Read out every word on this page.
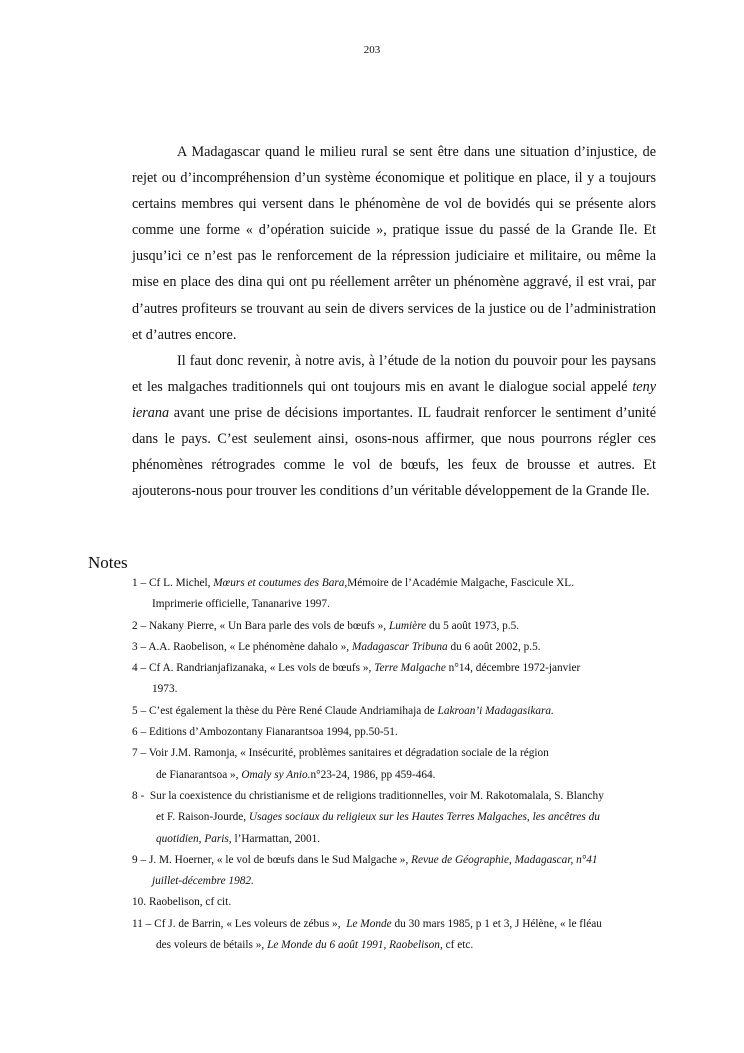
203

A Madagascar quand le milieu rural se sent être dans une situation d’injustice, de rejet ou d’incompréhension d’un système économique et politique en place, il y a toujours certains membres qui versent dans le phénomène de vol de bovidés qui se présente alors comme une forme « d’opération suicide », pratique issue du passé de la Grande Ile. Et jusqu’ici ce n’est pas le renforcement de la répression judiciaire et militaire, ou même la mise en place des dina qui ont pu réellement arrêter un phénomène aggravé, il est vrai, par d’autres profiteurs se trouvant au sein de divers services de la justice ou de l’administration et d’autres encore.

Il faut donc revenir, à notre avis, à l’étude de la notion du pouvoir pour les paysans et les malgaches traditionnels qui ont toujours mis en avant le dialogue social appelé teny ierana avant une prise de décisions importantes. IL faudrait renforcer le sentiment d’unité dans le pays. C’est seulement ainsi, osons-nous affirmer, que nous pourrons régler ces phénomènes rétrogrades comme le vol de bœufs, les feux de brousse et autres. Et ajouterons-nous pour trouver les conditions d’un véritable développement de la Grande Ile.

Notes
1 – Cf L. Michel, Mœurs et coutumes des Bara,Mémoire de l’Académie Malgache, Fascicule XL.
Imprimerie officielle, Tananarive 1997.
2 – Nakany Pierre, « Un Bara parle des vols de bœufs », Lumière du 5 août 1973, p.5.
3 – A.A. Raobelison, « Le phénomène dahalo », Madagascar Tribuna du 6 août 2002, p.5.
4 – Cf A. Randrianjafizanaka, « Les vols de bœufs », Terre Malgache n°14, décembre 1972-janvier
1973.
5 – C’est également la thèse du Père René Claude Andriamihaja de Lakroan’i Madagasikara.
6 – Editions d’Ambozontany Fianarantsoa 1994, pp.50-51.
7 – Voir J.M. Ramonja, « Insécurité, problèmes sanitaires et dégradation sociale de la région
de Fianarantsoa », Omaly sy Anio.n°23-24, 1986, pp 459-464.
8 -  Sur la coexistence du christianisme et de religions traditionnelles, voir M. Rakotomalala, S. Blanchy
et F. Raison-Jourde, Usages sociaux du religieux sur les Hautes Terres Malgaches, les ancêtres du
quotidien, Paris, l’Harmattan, 2001.
9 – J. M. Hoerner, « le vol de bœufs dans le Sud Malgache », Revue de Géographie, Madagascar, n°41
juillet-décembre 1982.
10. Raobelison, cf cit.
11 – Cf J. de Barrin, « Les voleurs de zébus »,  Le Monde du 30 mars 1985, p 1 et 3, J Hélène, « le fléau
des voleurs de bétails », Le Monde du 6 août 1991, Raobelison, cf etc.
